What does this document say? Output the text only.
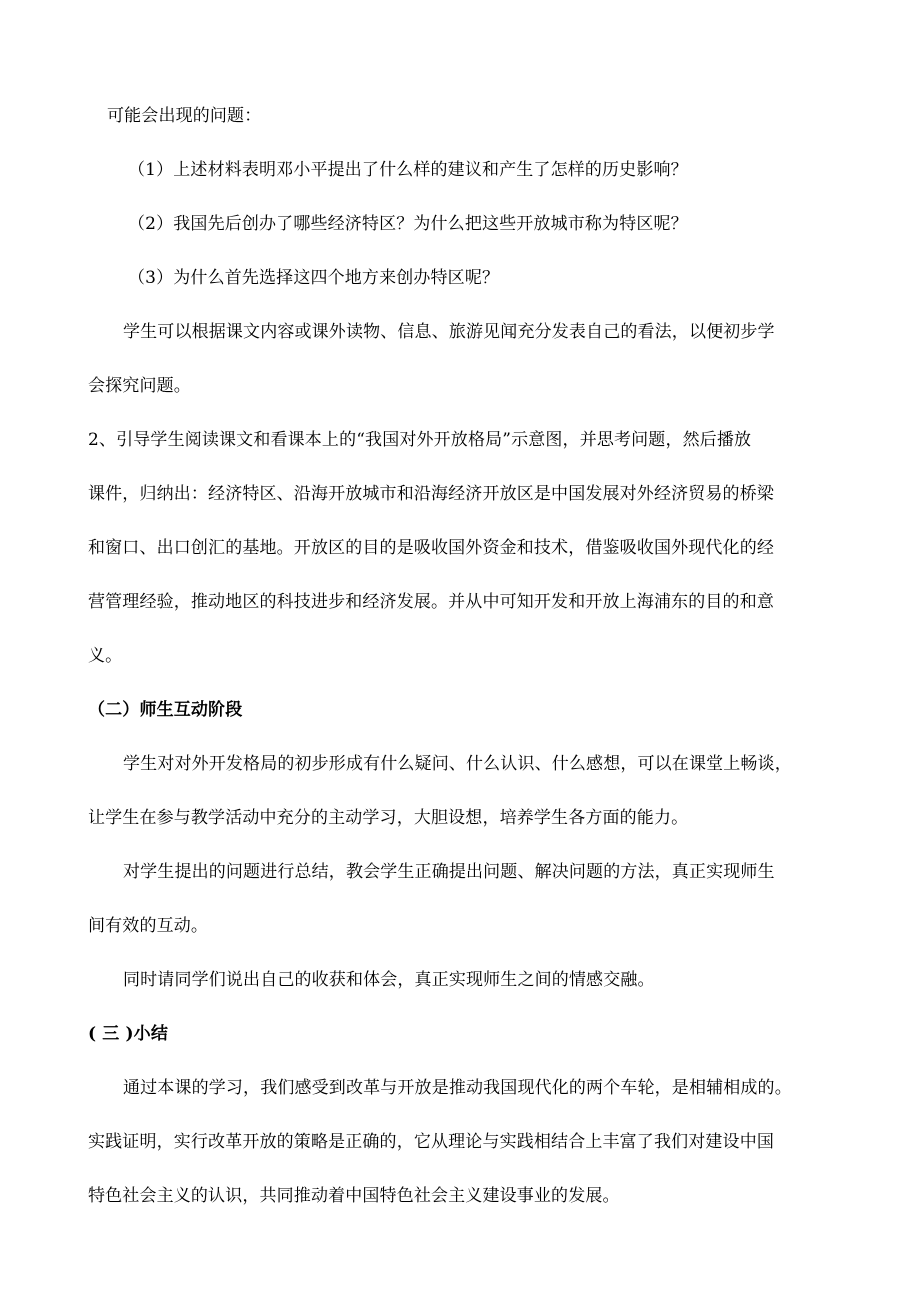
可能会出现的问题：
（1）上述材料表明邓小平提出了什么样的建议和产生了怎样的历史影响？
（2）我国先后创办了哪些经济特区？为什么把这些开放城市称为特区呢？
（3）为什么首先选择这四个地方来创办特区呢？
学生可以根据课文内容或课外读物、信息、旅游见闻充分发表自己的看法，以便初步学
会探究问题。
2、引导学生阅读课文和看课本上的“我国对外开放格局”示意图，并思考问题，然后播放
课件，归纳出：经济特区、沿海开放城市和沿海经济开放区是中国发展对外经济贸易的桥梁
和窗口、出口创汇的基地。开放区的目的是吸收国外资金和技术，借鉴吸收国外现代化的经
营管理经验，推动地区的科技进步和经济发展。并从中可知开发和开放上海浦东的目的和意
义。
（二）师生互动阶段
学生对对外开发格局的初步形成有什么疑问、什么认识、什么感想，可以在课堂上畅谈，
让学生在参与教学活动中充分的主动学习，大胆设想，培养学生各方面的能力。
对学生提出的问题进行总结，教会学生正确提出问题、解决问题的方法，真正实现师生
间有效的互动。
同时请同学们说出自己的收获和体会，真正实现师生之间的情感交融。
( 三 )小结
通过本课的学习，我们感受到改革与开放是推动我国现代化的两个车轮，是相辅相成的。
实践证明，实行改革开放的策略是正确的，它从理论与实践相结合上丰富了我们对建设中国
特色社会主义的认识，共同推动着中国特色社会主义建设事业的发展。
